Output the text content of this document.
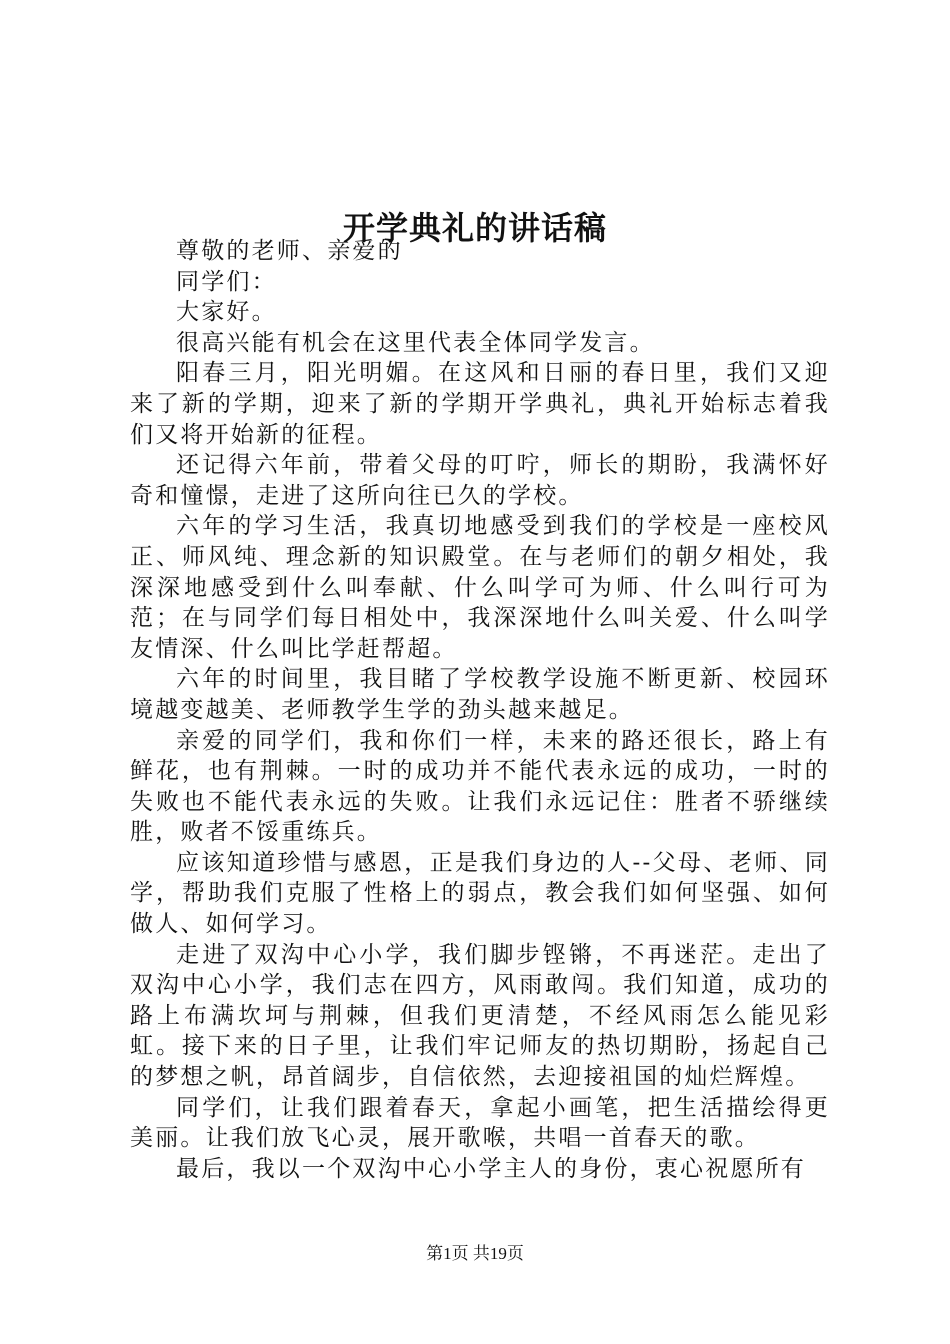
开学典礼的讲话稿

尊敬的老师、亲爱的

同学们：

大家好。

很高兴能有机会在这里代表全体同学发言。

阳春三月，阳光明媚。在这风和日丽的春日里，我们又迎来了新的学期，迎来了新的学期开学典礼，典礼开始标志着我们又将开始新的征程。

还记得六年前，带着父母的叮咛，师长的期盼，我满怀好奇和憧憬，走进了这所向往已久的学校。

六年的学习生活，我真切地感受到我们的学校是一座校风正、师风纯、理念新的知识殿堂。在与老师们的朝夕相处，我深深地感受到什么叫奉献、什么叫学可为师、什么叫行可为范；在与同学们每日相处中，我深深地什么叫关爱、什么叫学友情深、什么叫比学赶帮超。

六年的时间里，我目睹了学校教学设施不断更新、校园环境越变越美、老师教学生学的劲头越来越足。

亲爱的同学们，我和你们一样，未来的路还很长，路上有鲜花，也有荆棘。一时的成功并不能代表永远的成功，一时的失败也不能代表永远的失败。让我们永远记住：胜者不骄继续胜，败者不馁重练兵。

应该知道珍惜与感恩，正是我们身边的人--父母、老师、同学，帮助我们克服了性格上的弱点，教会我们如何坚强、如何做人、如何学习。

走进了双沟中心小学，我们脚步铿锵，不再迷茫。走出了双沟中心小学，我们志在四方，风雨敢闯。我们知道，成功的路上布满坎坷与荆棘，但我们更清楚，不经风雨怎么能见彩虹。接下来的日子里，让我们牢记师友的热切期盼，扬起自己的梦想之帆，昂首阔步，自信依然，去迎接祖国的灿烂辉煌。

同学们，让我们跟着春天，拿起小画笔，把生活描绘得更美丽。让我们放飞心灵，展开歌喉，共唱一首春天的歌。

最后，我以一个双沟中心小学主人的身份，衷心祝愿所有

第1页 共19页
